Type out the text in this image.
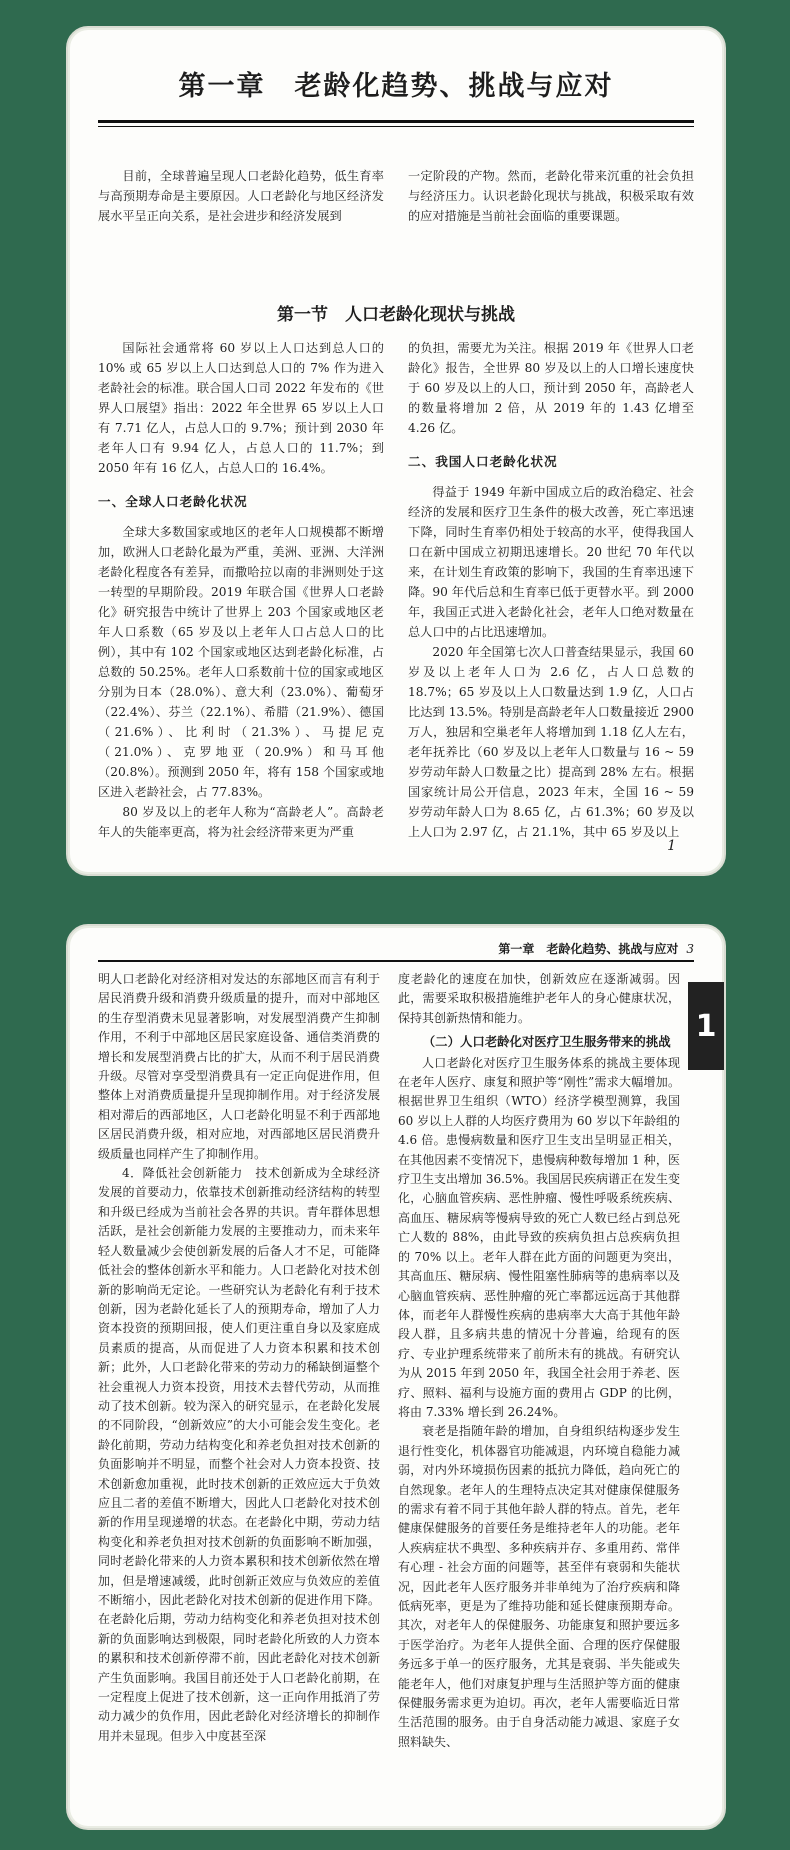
第一章　老龄化趋势、挑战与应对

目前，全球普遍呈现人口老龄化趋势，低生育率与高预期寿命是主要原因。人口老龄化与地区经济发展水平呈正向关系，是社会进步和经济发展到

一定阶段的产物。然而，老龄化带来沉重的社会负担与经济压力。认识老龄化现状与挑战，积极采取有效的应对措施是当前社会面临的重要课题。

第一节　人口老龄化现状与挑战

国际社会通常将 60 岁以上人口达到总人口的 10% 或 65 岁以上人口达到总人口的 7% 作为进入老龄社会的标准。联合国人口司 2022 年发布的《世界人口展望》指出：2022 年全世界 65 岁以上人口有 7.71 亿人，占总人口的 9.7%；预计到 2030 年老年人口有 9.94 亿人，占总人口的 11.7%；到 2050 年有 16 亿人，占总人口的 16.4%。

一、全球人口老龄化状况

全球大多数国家或地区的老年人口规模都不断增加，欧洲人口老龄化最为严重，美洲、亚洲、大洋洲老龄化程度各有差异，而撒哈拉以南的非洲则处于这一转型的早期阶段。2019 年联合国《世界人口老龄化》研究报告中统计了世界上 203 个国家或地区老年人口系数（65 岁及以上老年人口占总人口的比例），其中有 102 个国家或地区达到老龄化标准，占总数的 50.25%。老年人口系数前十位的国家或地区分别为日本（28.0%）、意大利（23.0%）、葡萄牙（22.4%）、芬兰（22.1%）、希腊（21.9%）、德国（21.6%）、比利时（21.3%）、马提尼克（21.0%）、克罗地亚（20.9%）和马耳他（20.8%）。预测到 2050 年，将有 158 个国家或地区进入老龄社会，占 77.83%。

80 岁及以上的老年人称为“高龄老人”。高龄老年人的失能率更高，将为社会经济带来更为严重

的负担，需要尤为关注。根据 2019 年《世界人口老龄化》报告，全世界 80 岁及以上的人口增长速度快于 60 岁及以上的人口，预计到 2050 年，高龄老人的数量将增加 2 倍，从 2019 年的 1.43 亿增至 4.26 亿。

二、我国人口老龄化状况

得益于 1949 年新中国成立后的政治稳定、社会经济的发展和医疗卫生条件的极大改善，死亡率迅速下降，同时生育率仍相处于较高的水平，使得我国人口在新中国成立初期迅速增长。20 世纪 70 年代以来，在计划生育政策的影响下，我国的生育率迅速下降。90 年代后总和生育率已低于更替水平。到 2000 年，我国正式进入老龄化社会，老年人口绝对数量在总人口中的占比迅速增加。

2020 年全国第七次人口普查结果显示，我国 60 岁及以上老年人口为 2.6 亿，占人口总数的 18.7%；65 岁及以上人口数量达到 1.9 亿，人口占比达到 13.5%。特别是高龄老年人口数量接近 2900 万人，独居和空巢老年人将增加到 1.18 亿人左右，老年抚养比（60 岁及以上老年人口数量与 16 ~ 59 岁劳动年龄人口数量之比）提高到 28% 左右。根据国家统计局公开信息，2023 年末，全国 16 ~ 59 岁劳动年龄人口为 8.65 亿，占 61.3%；60 岁及以上人口为 2.97 亿，占 21.1%，其中 65 岁及以上

1
第一章　老龄化趋势、挑战与应对 3
1

明人口老龄化对经济相对发达的东部地区而言有利于居民消费升级和消费升级质量的提升，而对中部地区的生存型消费未见显著影响，对发展型消费产生抑制作用，不利于中部地区居民家庭设备、通信类消费的增长和发展型消费占比的扩大，从而不利于居民消费升级。尽管对享受型消费具有一定正向促进作用，但整体上对消费质量提升呈现抑制作用。对于经济发展相对滞后的西部地区，人口老龄化明显不利于西部地区居民消费升级，相对应地，对西部地区居民消费升级质量也同样产生了抑制作用。

4．降低社会创新能力　技术创新成为全球经济发展的首要动力，依靠技术创新推动经济结构的转型和升级已经成为当前社会各界的共识。青年群体思想活跃，是社会创新能力发展的主要推动力，而未来年轻人数量减少会使创新发展的后备人才不足，可能降低社会的整体创新水平和能力。人口老龄化对技术创新的影响尚无定论。一些研究认为老龄化有利于技术创新，因为老龄化延长了人的预期寿命，增加了人力资本投资的预期回报，使人们更注重自身以及家庭成员素质的提高，从而促进了人力资本积累和技术创新；此外，人口老龄化带来的劳动力的稀缺倒逼整个社会重视人力资本投资，用技术去替代劳动，从而推动了技术创新。较为深入的研究显示，在老龄化发展的不同阶段，“创新效应”的大小可能会发生变化。老龄化前期，劳动力结构变化和养老负担对技术创新的负面影响并不明显，而整个社会对人力资本投资、技术创新愈加重视，此时技术创新的正效应远大于负效应且二者的差值不断增大，因此人口老龄化对技术创新的作用呈现递增的状态。在老龄化中期，劳动力结构变化和养老负担对技术创新的负面影响不断加强，同时老龄化带来的人力资本累积和技术创新依然在增加，但是增速减缓，此时创新正效应与负效应的差值不断缩小，因此老龄化对技术创新的促进作用下降。在老龄化后期，劳动力结构变化和养老负担对技术创新的负面影响达到极限，同时老龄化所致的人力资本的累积和技术创新停滞不前，因此老龄化对技术创新产生负面影响。我国目前还处于人口老龄化前期，在一定程度上促进了技术创新，这一正向作用抵消了劳动力减少的负作用，因此老龄化对经济增长的抑制作用并未显现。但步入中度甚至深

度老龄化的速度在加快，创新效应在逐渐减弱。因此，需要采取积极措施维护老年人的身心健康状况，保持其创新热情和能力。

（二）人口老龄化对医疗卫生服务带来的挑战

人口老龄化对医疗卫生服务体系的挑战主要体现在老年人医疗、康复和照护等“刚性”需求大幅增加。根据世界卫生组织（WTO）经济学模型测算，我国 60 岁以上人群的人均医疗费用为 60 岁以下年龄组的 4.6 倍。患慢病数量和医疗卫生支出呈明显正相关，在其他因素不变情况下，患慢病种数每增加 1 种，医疗卫生支出增加 36.5%。我国居民疾病谱正在发生变化，心脑血管疾病、恶性肿瘤、慢性呼吸系统疾病、高血压、糖尿病等慢病导致的死亡人数已经占到总死亡人数的 88%，由此导致的疾病负担占总疾病负担的 70% 以上。老年人群在此方面的问题更为突出，其高血压、糖尿病、慢性阻塞性肺病等的患病率以及心脑血管疾病、恶性肿瘤的死亡率都远远高于其他群体，而老年人群慢性疾病的患病率大大高于其他年龄段人群，且多病共患的情况十分普遍，给现有的医疗、专业护理系统带来了前所未有的挑战。有研究认为从 2015 年到 2050 年，我国全社会用于养老、医疗、照料、福利与设施方面的费用占 GDP 的比例，将由 7.33% 增长到 26.24%。

衰老是指随年龄的增加，自身组织结构逐步发生退行性变化，机体器官功能减退，内环境自稳能力减弱，对内外环境损伤因素的抵抗力降低，趋向死亡的自然现象。老年人的生理特点决定其对健康保健服务的需求有着不同于其他年龄人群的特点。首先，老年健康保健服务的首要任务是维持老年人的功能。老年人疾病症状不典型、多种疾病并存、多重用药、常伴有心理 - 社会方面的问题等，甚至伴有衰弱和失能状况，因此老年人医疗服务并非单纯为了治疗疾病和降低病死率，更是为了维持功能和延长健康预期寿命。其次，对老年人的保健服务、功能康复和照护要远多于医学治疗。为老年人提供全面、合理的医疗保健服务远多于单一的医疗服务，尤其是衰弱、半失能或失能老年人，他们对康复护理与生活照护等方面的健康保健服务需求更为迫切。再次，老年人需要临近日常生活范围的服务。由于自身活动能力减退、家庭子女照料缺失、
